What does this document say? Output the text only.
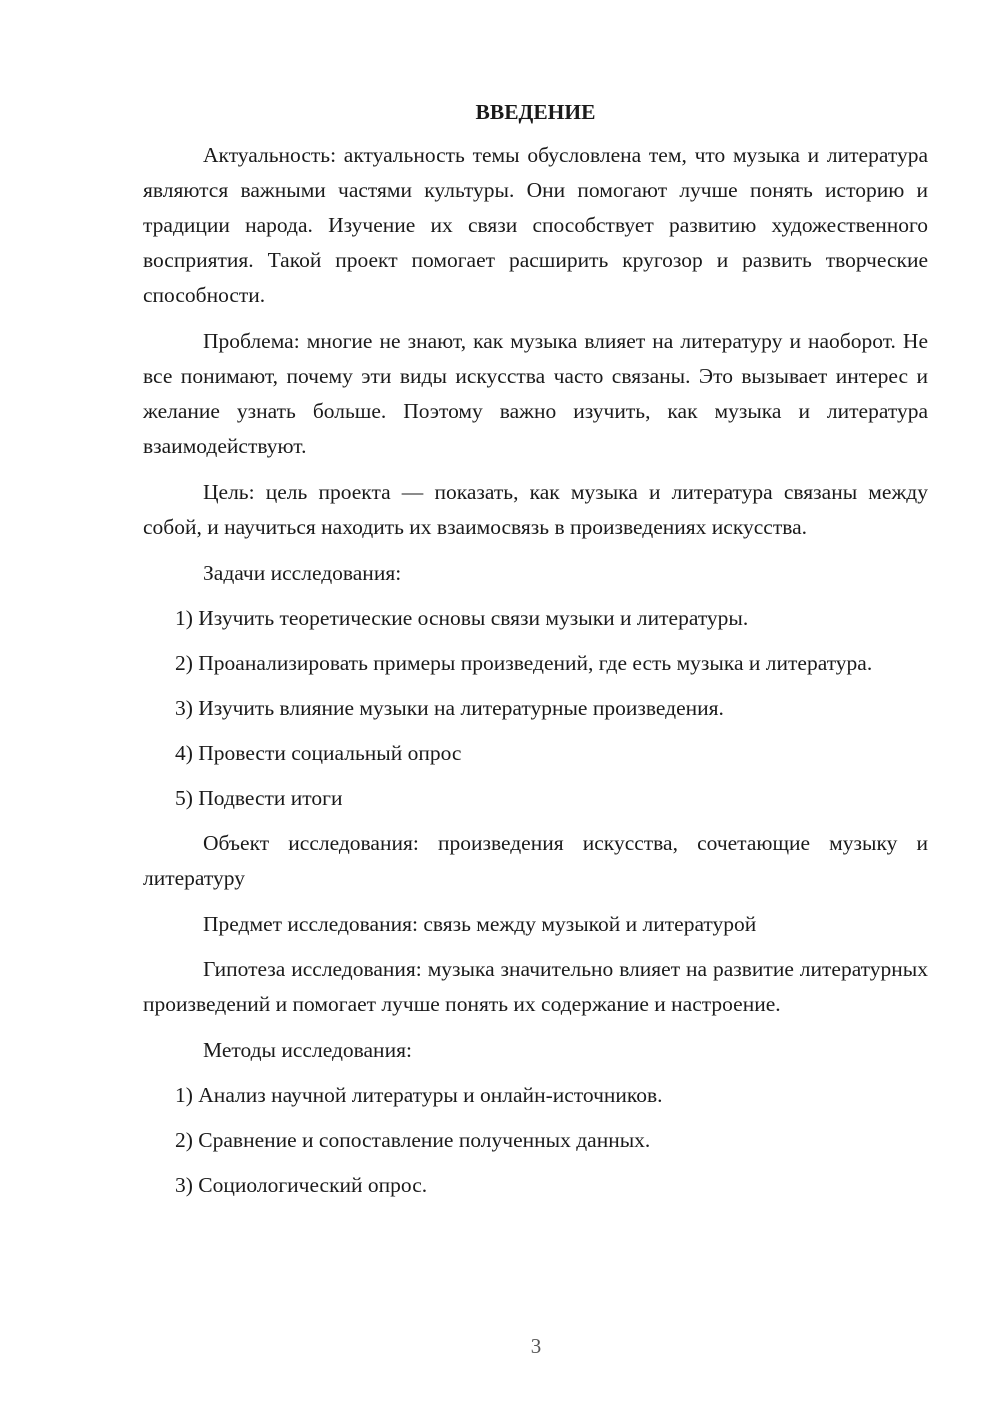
ВВЕДЕНИЕ

Актуальность: актуальность темы обусловлена тем, что музыка и литература являются важными частями культуры. Они помогают лучше понять историю и традиции народа. Изучение их связи способствует развитию художественного восприятия. Такой проект помогает расширить кругозор и развить творческие способности.

Проблема: многие не знают, как музыка влияет на литературу и наоборот. Не все понимают, почему эти виды искусства часто связаны. Это вызывает интерес и желание узнать больше. Поэтому важно изучить, как музыка и литература взаимодействуют.

Цель: цель проекта — показать, как музыка и литература связаны между собой, и научиться находить их взаимосвязь в произведениях искусства.

Задачи исследования:

1) Изучить теоретические основы связи музыки и литературы.

2) Проанализировать примеры произведений, где есть музыка и литература.

3) Изучить влияние музыки на литературные произведения.

4) Провести социальный опрос

5) Подвести итоги

Объект исследования: произведения искусства, сочетающие музыку и литературу

Предмет исследования: связь между музыкой и литературой

Гипотеза исследования: музыка значительно влияет на развитие литературных произведений и помогает лучше понять их содержание и настроение.

Методы исследования:

1) Анализ научной литературы и онлайн-источников.

2) Сравнение и сопоставление полученных данных.

3) Социологический опрос.

3
